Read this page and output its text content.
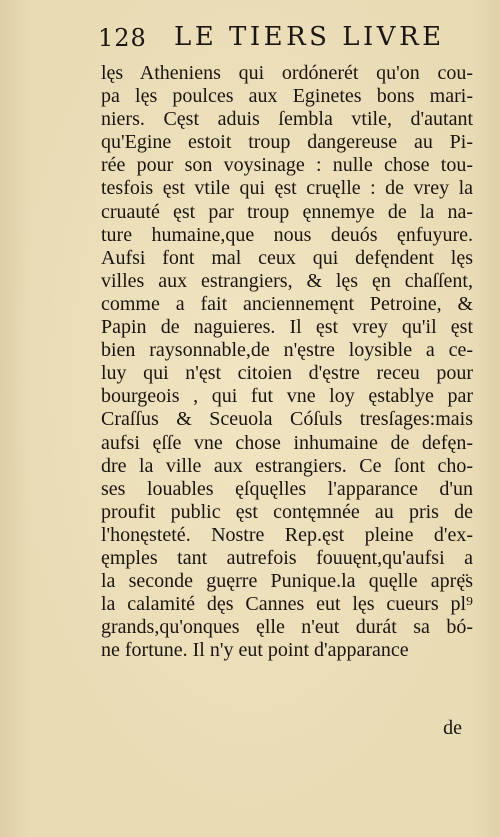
128 LE TIERS LIVRE
lęs Atheniens qui ordónerét qu'on cou-
pa lęs poulces aux Eginetes bons mari-
niers. Cęst aduis ſembla vtile, d'autant
qu'Egine estoit troup dangereuse au Pi-
rée pour son voysinage : nulle chose tou-
tesfois ęst vtile qui ęst cruęlle : de vrey la
cruauté ęst par troup ęnnemye de la na-
ture humaine,que nous deuós ęnfuyure.
Aufsi font mal ceux qui defęndent lęs
villes aux estrangiers, & lęs ęn chaſſent,
comme a fait anciennemęnt Petroine, &
Papin de naguieres. Il ęst vrey qu'il ęst
bien raysonnable,de n'ęstre loysible a ce-
luy qui n'ęst citoien d'ęstre receu pour
bourgeois , qui fut vne loy ęstablye par
Craſſus & Sceuola Cóſuls tresſages:mais
aufsi ęſſe vne chose inhumaine de defęn-
dre la ville aux estrangiers. Ce ſont cho-
ses louables ęſquęlles l'apparance d'un
proufit public ęst contęmnée au pris de
l'honęsteté. Nostre Rep.ęst pleine d'ex-
ęmples tant autrefois fouuęnt,qu'aufsi a
la seconde guęrre Punique.la quęlle aprę̈s
la calamité dęs Cannes eut lęs cueurs pl⁹
grands,qu'onques ęlle n'eut durát sa bó-
ne fortune. Il n'y eut point d'apparance
de
